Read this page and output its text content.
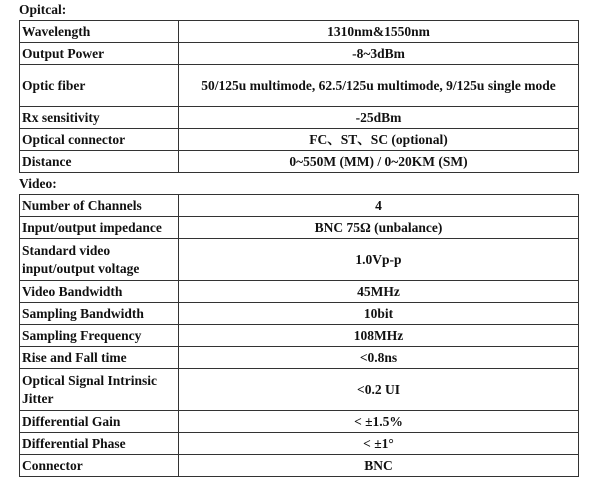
Opitcal:
Wavelength	1310nm&1550nm
Output Power	-8~3dBm
Optic fiber	50/125u multimode, 62.5/125u multimode, 9/125u single mode
Rx sensitivity	-25dBm
Optical connector	FC、ST、SC (optional)
Distance	0~550M (MM) / 0~20KM (SM)
Video:
Number of Channels	4
Input/output impedance	BNC 75Ω (unbalance)
Standard video input/output voltage	1.0Vp-p
Video Bandwidth	45MHz
Sampling Bandwidth	10bit
Sampling Frequency	108MHz
Rise and Fall time	<0.8ns
Optical Signal Intrinsic Jitter	<0.2 UI
Differential Gain	< ±1.5%
Differential Phase	< ±1°
Connector	BNC
